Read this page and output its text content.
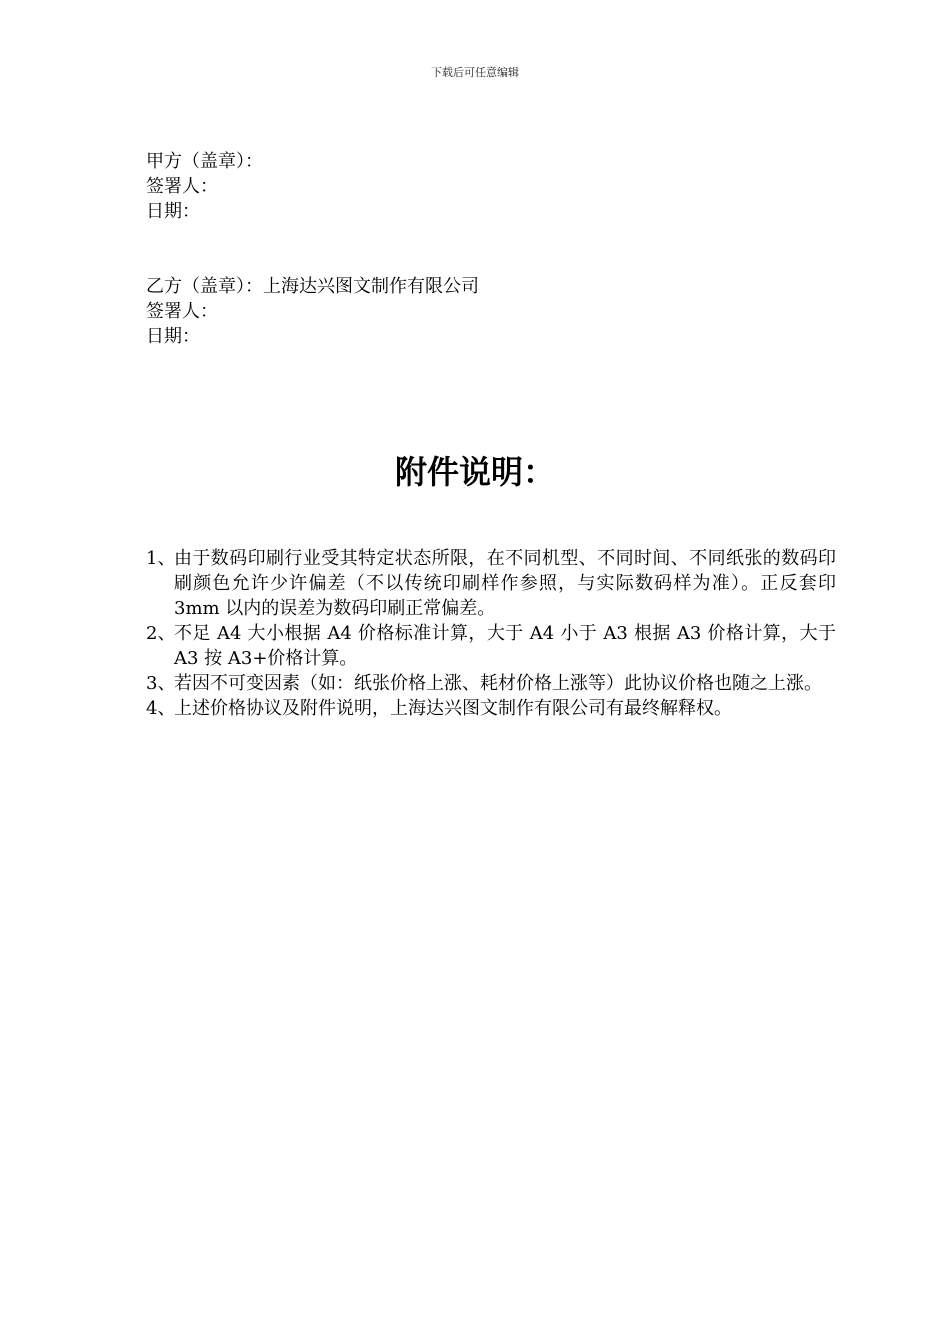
下载后可任意编辑
甲方（盖章）：
签署人：
日期：
乙方（盖章）：上海达兴图文制作有限公司
签署人：
日期：
附件说明：
1、
由于数码印刷行业受其特定状态所限，在不同机型、不同时间、不同纸张的数码印刷颜色允许少许偏差（不以传统印刷样作参照，与实际数码样为准）。正反套印 3mm 以内的误差为数码印刷正常偏差。
2、
不足 A4 大小根据 A4 价格标准计算，大于 A4 小于 A3 根据 A3 价格计算，大于 A3 按 A3+价格计算。
3、
若因不可变因素（如：纸张价格上涨、耗材价格上涨等）此协议价格也随之上涨。
4、
上述价格协议及附件说明，上海达兴图文制作有限公司有最终解释权。
